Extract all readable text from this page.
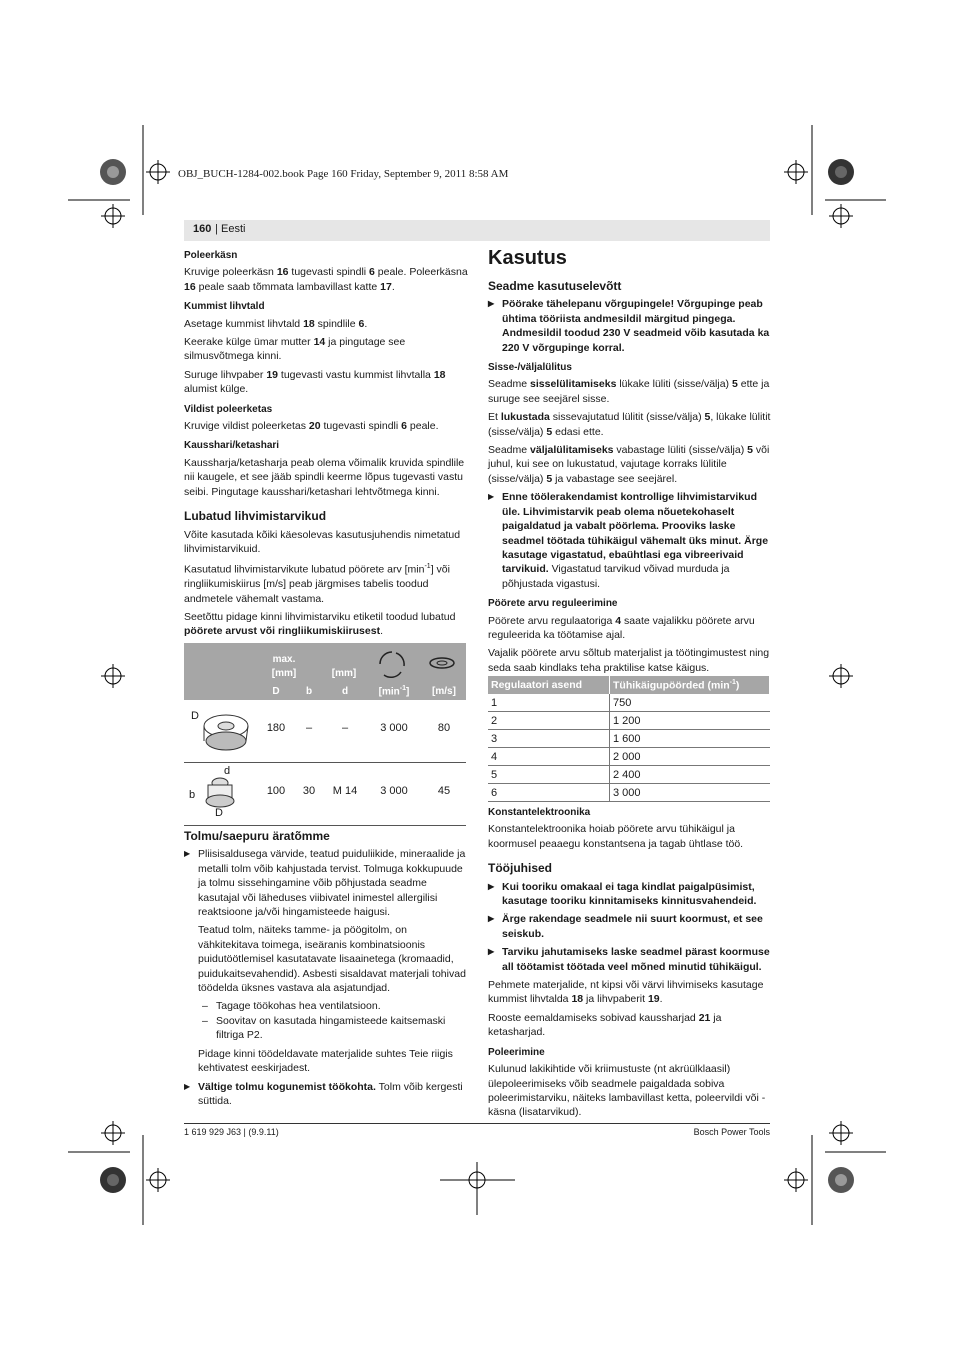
OBJ_BUCH-1284-002.book Page 160 Friday, September 9, 2011 8:58 AM
160 | Eesti
Poleerkäsn

Kruvige poleerkäsn 16 tugevasti spindli 6 peale. Poleerkäsna 16 peale saab tõmmata lambavillast katte 17.

Kummist lihvtald

Asetage kummist lihvtald 18 spindlile 6.

Keerake külge ümar mutter 14 ja pingutage see silmusvõtmega kinni.

Suruge lihvpaber 19 tugevasti vastu kummist lihvtalla 18 alumist külge.

Vildist poleerketas

Kruvige vildist poleerketas 20 tugevasti spindli 6 peale.

Kausshari/ketashari

Kaussharja/ketasharja peab olema võimalik kruvida spindlile nii kaugele, et see jääb spindli keerme lõpus tugevasti vastu seibi. Pingutage kausshari/ketashari lehtvõtmega kinni.

Lubatud lihvimistarvikud

Võite kasutada kõiki käesolevas kasutusjuhendis nimetatud lihvimistarvikuid.

Kasutatud lihvimistarvikute lubatud pöörete arv $[\min^{-1}]$ või ringliikumiskiirus [m/s] peab järgmises tabelis toodud andmetele vähemalt vastama.

Seetõttu pidage kinni lihvimistarviku etiketil toodud lubatud pöörete arvust või ringliikumiskiirusest.

max.
[mm]	[mm]
D	b	d	$[\min^{-1}]$	[m/s]
D
180	–	–	3 000	80
d
b
D
100	30	M 14	3 000	45
Tolmu/saepuru äratõmme
▶ Pliisisaldusega värvide, teatud puiduliikide, mineraalide ja metalli tolm võib kahjustada tervist. Tolmuga kokkupuude ja tolmu sissehingamine võib põhjustada seadme kasutajal või läheduses viibivatel inimestel allergilisi reaktsioone ja/või hingamisteede haigusi.
Teatud tolm, näiteks tamme- ja pöögitolm, on vähkitekitava toimega, iseäranis kombinatsioonis puidutöötlemisel kasutatavate lisaainetega (kromaadid, puidukaitsevahendid). Asbesti sisaldavat materjali tohivad töödelda üksnes vastava ala asjatundjad.
– Tagage töökohas hea ventilatsioon.
– Soovitav on kasutada hingamisteede kaitsemaski filtriga P2.
Pidage kinni töödeldavate materjalide suhtes Teie riigis kehtivatest eeskirjadest.
▶ Vältige tolmu kogunemist töökohta. Tolm võib kergesti süttida.
Kasutus
Seadme kasutuselevõtt
▶ Pöörake tähelepanu võrgupingele! Võrgupinge peab ühtima tööriista andmesildil märgitud pingega. Andmesildil toodud 230 V seadmeid võib kasutada ka 220 V võrgupinge korral.
Sisse-/väljalülitus

Seadme sisselülitamiseks lükake lüliti (sisse/välja) 5 ette ja suruge see seejärel sisse.

Et lukustada sissevajutatud lülitit (sisse/välja) 5, lükake lülitit (sisse/välja) 5 edasi ette.

Seadme väljalülitamiseks vabastage lüliti (sisse/välja) 5 või juhul, kui see on lukustatud, vajutage korraks lülitile (sisse/välja) 5 ja vabastage see seejärel.

▶ Enne töölerakendamist kontrollige lihvimistarvikud üle. Lihvimistarvik peab olema nõuetekohaselt paigaldatud ja vabalt pöörlema. Prooviks laske seadmel töötada tühikäigul vähemalt üks minut. Ärge kasutage vigastatud, ebaühtlasi ega vibreerivaid tarvikuid. Vigastatud tarvikud võivad murduda ja põhjustada vigastusi.
Pöörete arvu reguleerimine

Pöörete arvu regulaatoriga 4 saate vajalikku pöörete arvu reguleerida ka töötamise ajal.

Vajalik pöörete arvu sõltub materjalist ja töötingimustest ning seda saab kindlaks teha praktilise katse käigus.

Regulaatori asend	Tühikäigupöörded $(\min^{-1})$
1	750
2	1 200
3	1 600
4	2 000
5	2 400
6	3 000
Konstantelektroonika

Konstantelektroonika hoiab pöörete arvu tühikäigul ja koormusel peaaegu konstantsena ja tagab ühtlase töö.

Tööjuhised
▶ Kui tooriku omakaal ei taga kindlat paigalpüsimist, kasutage tooriku kinnitamiseks kinnitusvahendeid.
▶ Ärge rakendage seadmele nii suurt koormust, et see seiskub.
▶ Tarviku jahutamiseks laske seadmel pärast koormuse all töötamist töötada veel mõned minutid tühikäigul.

Pehmete materjalide, nt kipsi või värvi lihvimiseks kasutage kummist lihvtalda 18 ja lihvpaberit 19.

Rooste eemaldamiseks sobivad kaussharjad 21 ja ketasharjad.

Poleerimine

Kulunud lakikihtide või kriimustuste (nt akrüülklaasil) ülepoleerimiseks võib seadmele paigaldada sobiva poleerimistarviku, näiteks lambavillast ketta, poleervildi või -käsna (lisatarvikud).

1 619 929 J63 | (9.9.11)	Bosch Power Tools
